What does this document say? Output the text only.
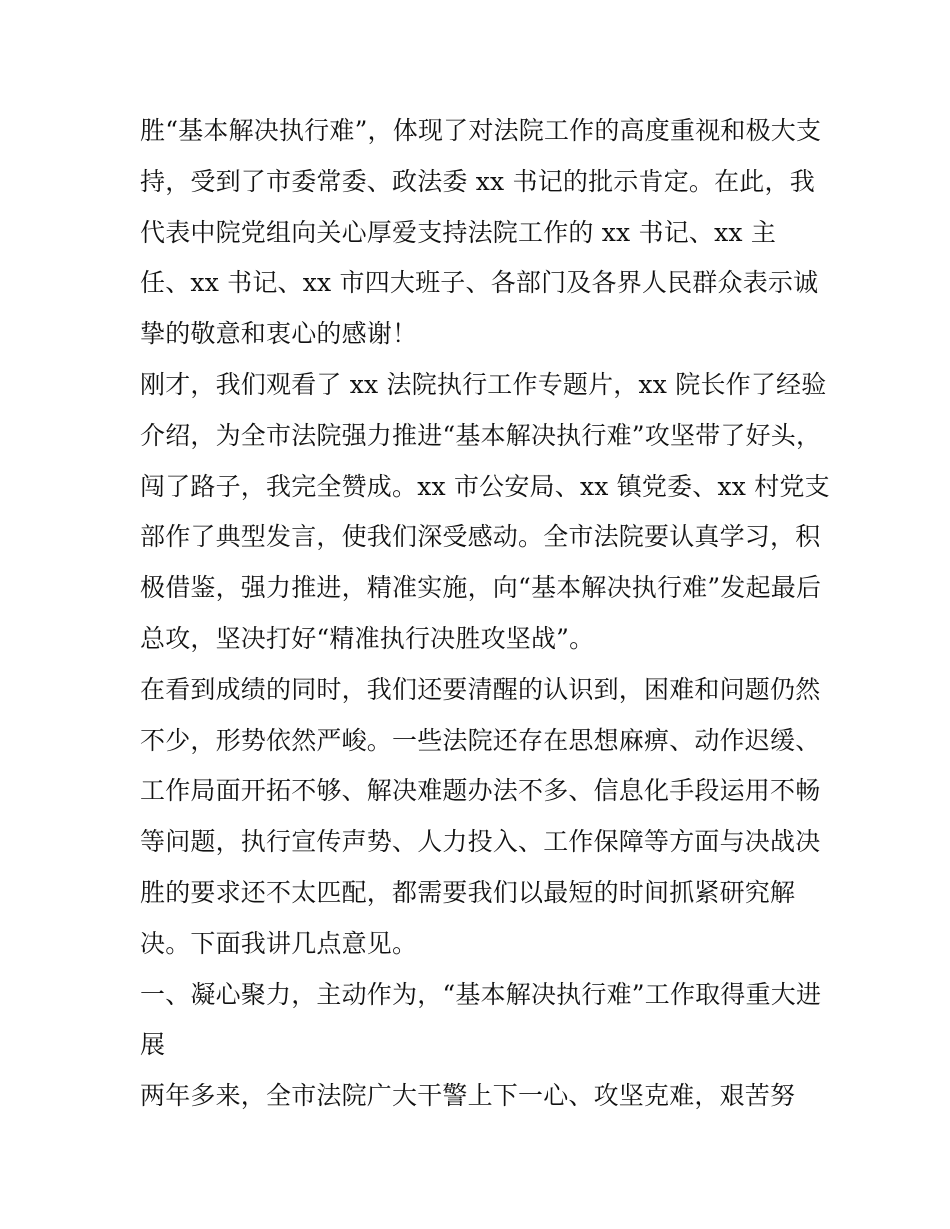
胜“基本解决执行难”，体现了对法院工作的高度重视和极大支
持，受到了市委常委、政法委 xx 书记的批示肯定。在此，我
代表中院党组向关心厚爱支持法院工作的 xx 书记、xx 主
任、xx 书记、xx 市四大班子、各部门及各界人民群众表示诚
挚的敬意和衷心的感谢！
刚才，我们观看了 xx 法院执行工作专题片，xx 院长作了经验
介绍，为全市法院强力推进“基本解决执行难”攻坚带了好头，
闯了路子，我完全赞成。xx 市公安局、xx 镇党委、xx 村党支
部作了典型发言，使我们深受感动。全市法院要认真学习，积
极借鉴，强力推进，精准实施，向“基本解决执行难”发起最后
总攻，坚决打好“精准执行决胜攻坚战”。
在看到成绩的同时，我们还要清醒的认识到，困难和问题仍然
不少，形势依然严峻。一些法院还存在思想麻痹、动作迟缓、
工作局面开拓不够、解决难题办法不多、信息化手段运用不畅
等问题，执行宣传声势、人力投入、工作保障等方面与决战决
胜的要求还不太匹配，都需要我们以最短的时间抓紧研究解
决。下面我讲几点意见。
一、凝心聚力，主动作为，“基本解决执行难”工作取得重大进
展
两年多来，全市法院广大干警上下一心、攻坚克难，艰苦努
